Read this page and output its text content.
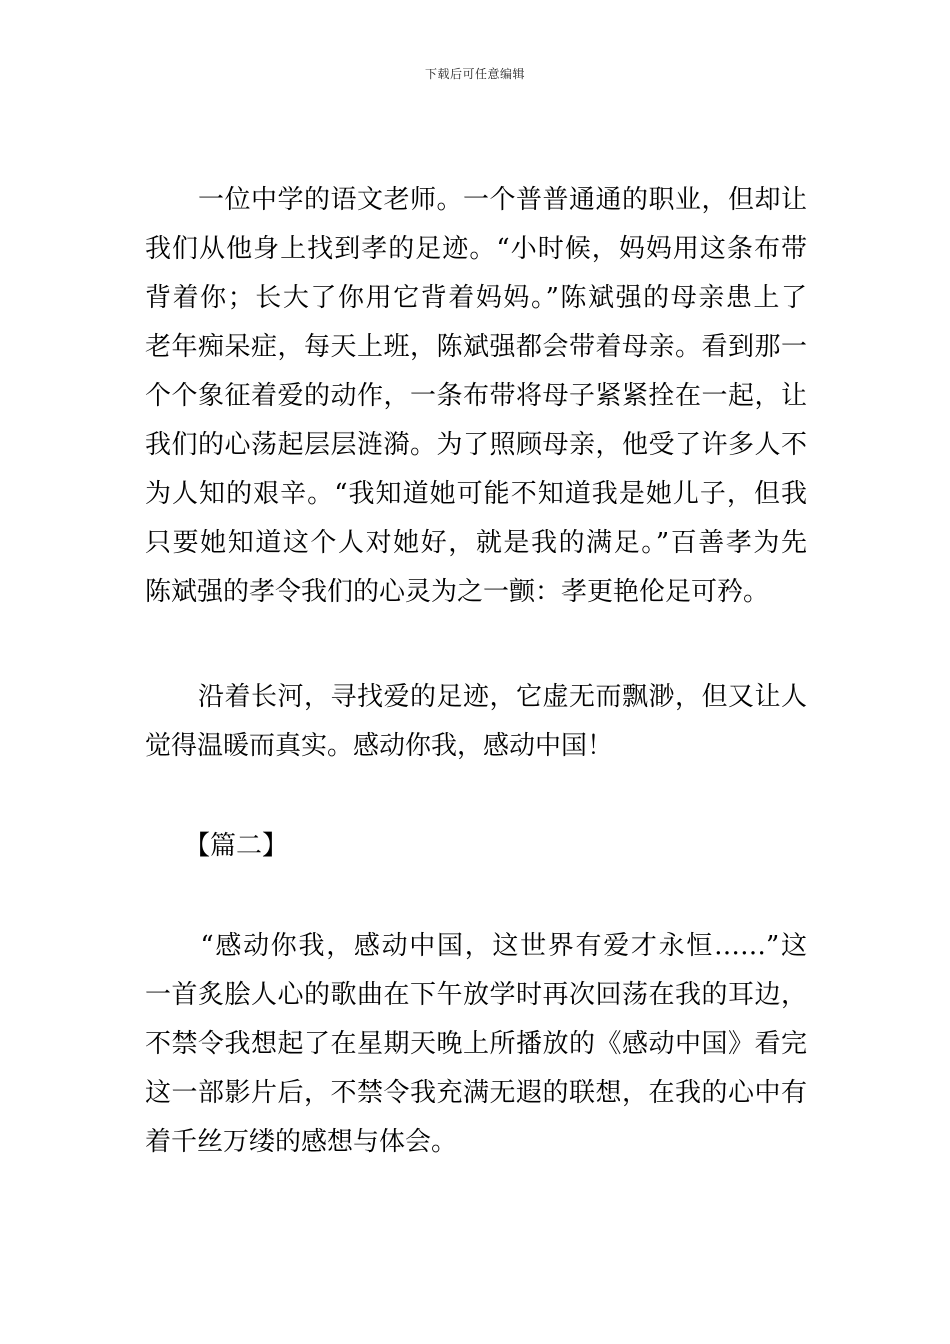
下载后可任意编辑
　　一位中学的语文老师。一个普普通通的职业，但却让
我们从他身上找到孝的足迹。“小时候，妈妈用这条布带
背着你；长大了你用它背着妈妈。”陈斌强的母亲患上了
老年痴呆症，每天上班，陈斌强都会带着母亲。看到那一
个个象征着爱的动作，一条布带将母子紧紧拴在一起，让
我们的心荡起层层涟漪。为了照顾母亲，他受了许多人不
为人知的艰辛。“我知道她可能不知道我是她儿子，但我
只要她知道这个人对她好，就是我的满足。”百善孝为先
陈斌强的孝令我们的心灵为之一颤：孝更艳伦足可矜。
　　沿着长河，寻找爱的足迹，它虚无而飘渺，但又让人
觉得温暖而真实。感动你我，感动中国！
　　【篇二】
　　“感动你我，感动中国，这世界有爱才永恒……”这
一首炙脍人心的歌曲在下午放学时再次回荡在我的耳边，
不禁令我想起了在星期天晚上所播放的《感动中国》看完
这一部影片后，不禁令我充满无遐的联想，在我的心中有
着千丝万缕的感想与体会。
